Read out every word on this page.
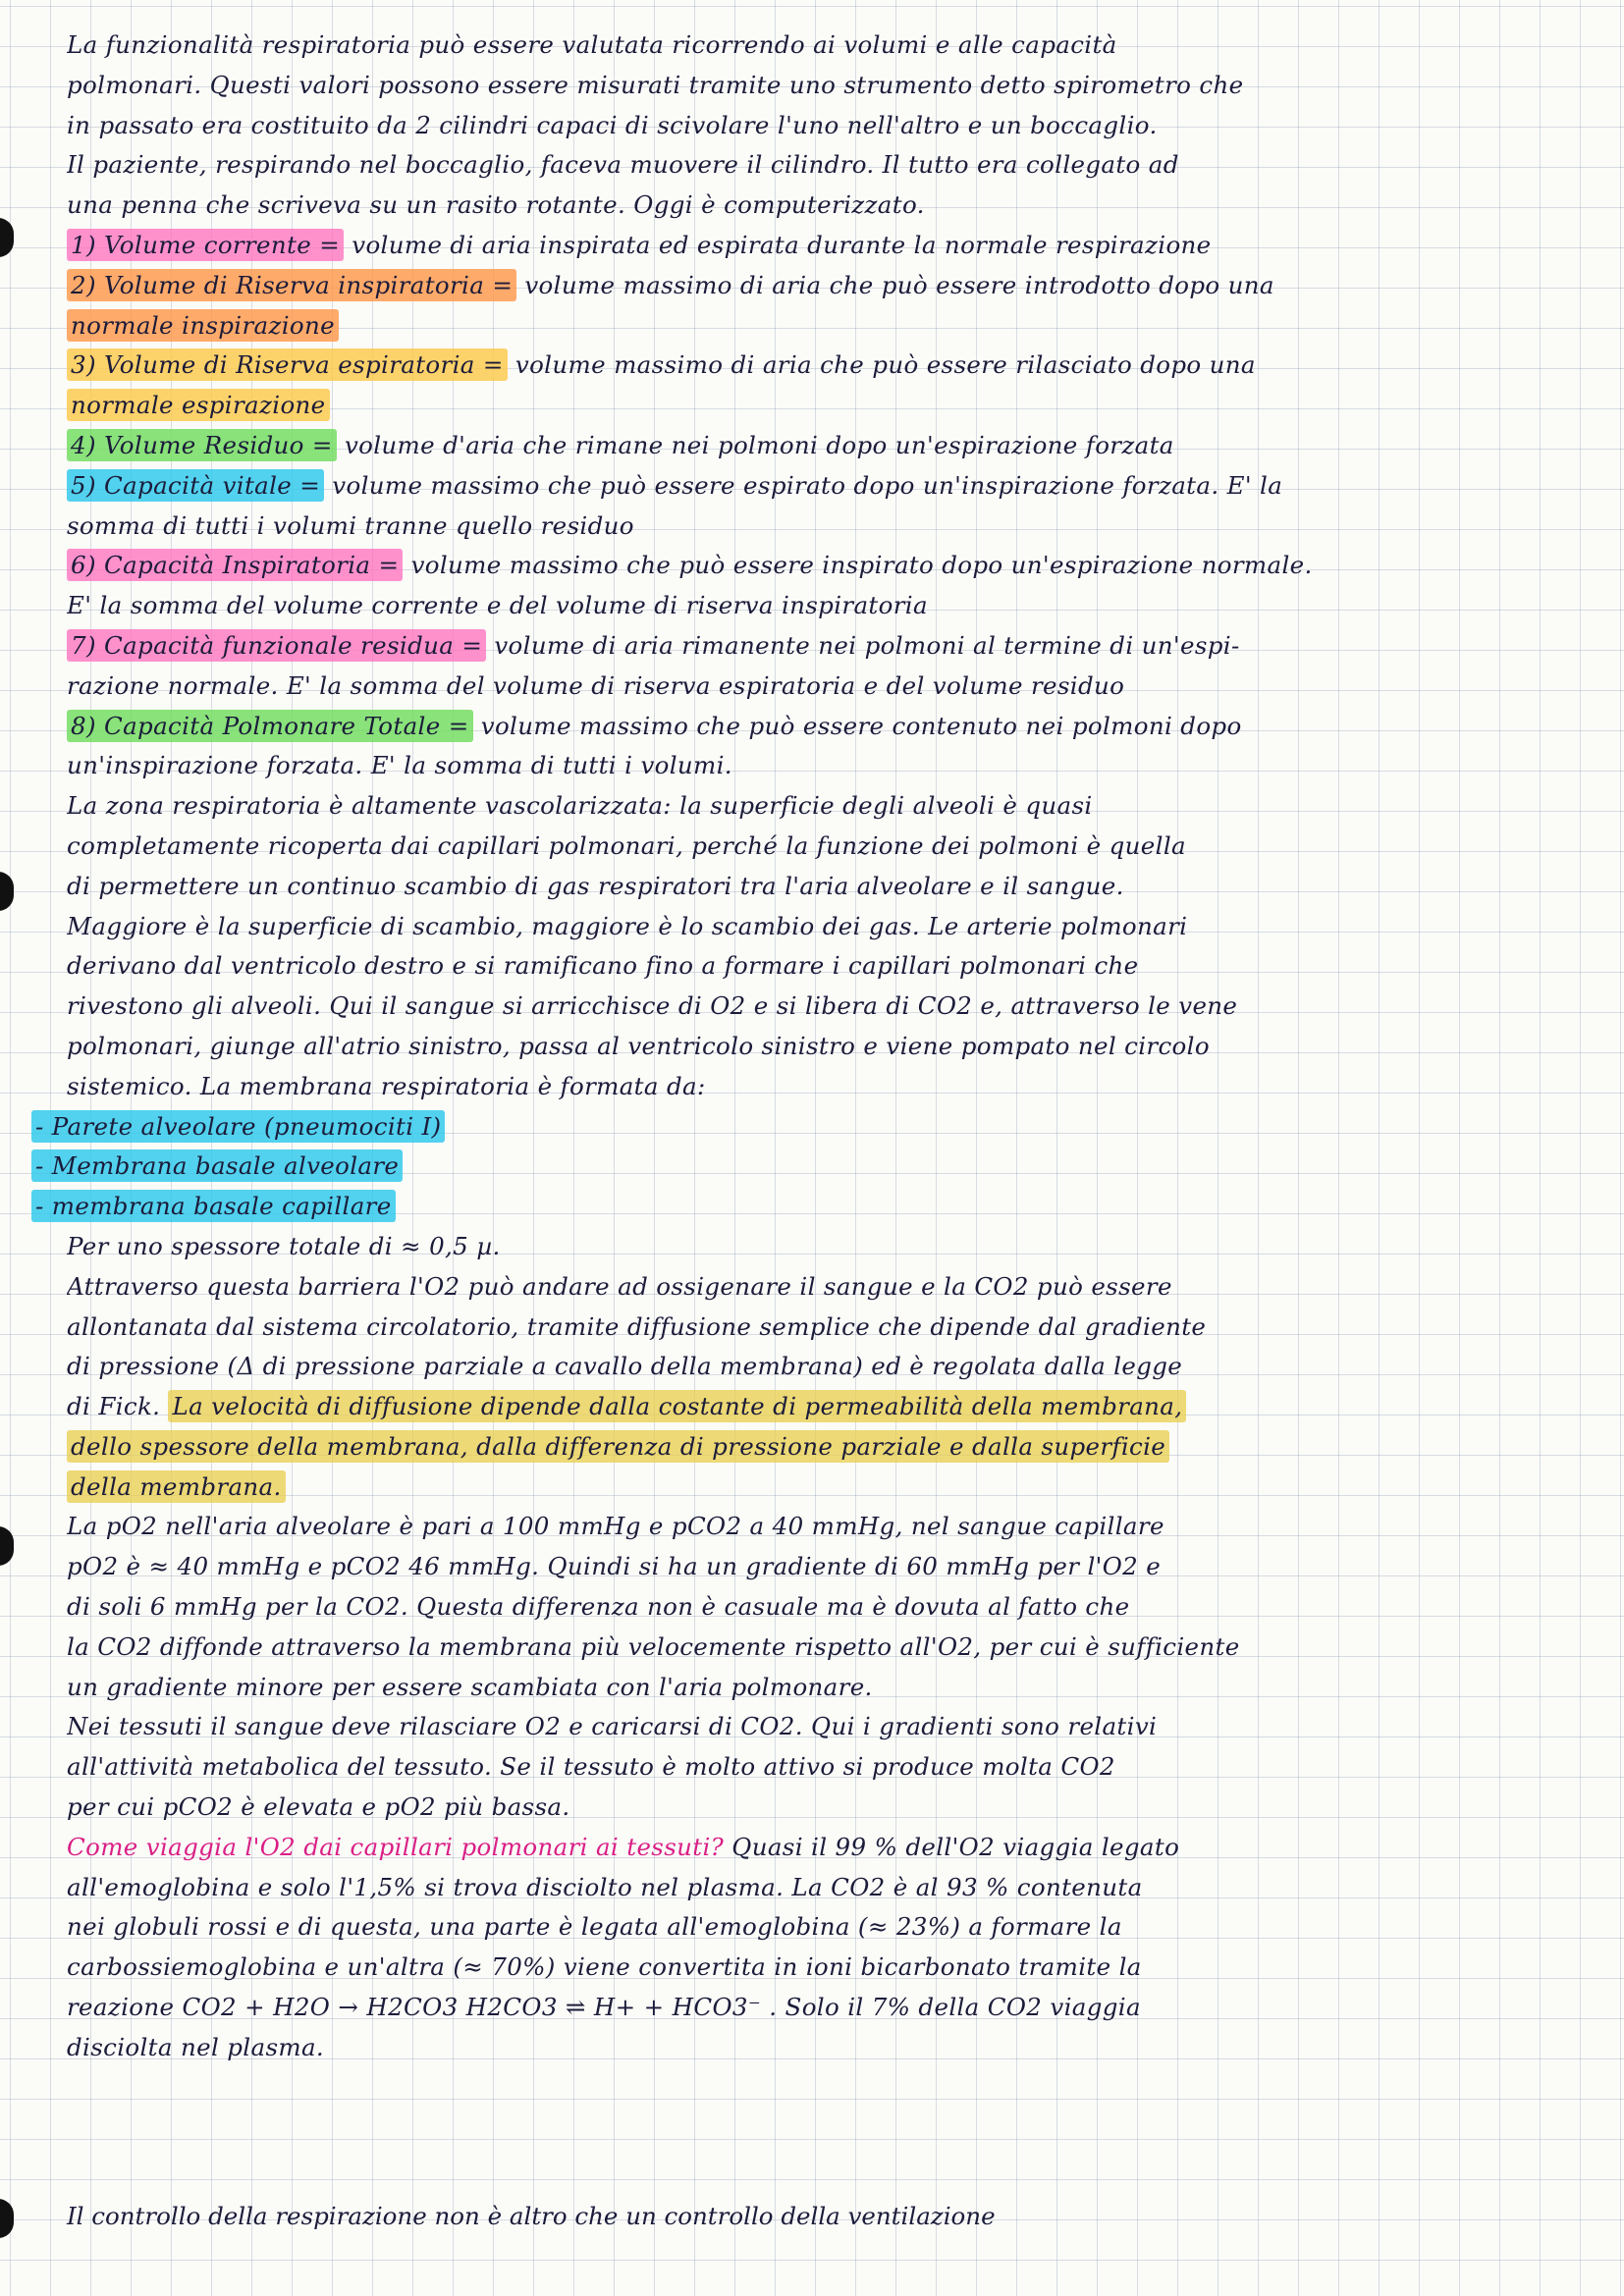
La funzionalità respiratoria può essere valutata ricorrendo ai volumi e alle capacità
polmonari. Questi valori possono essere misurati tramite uno strumento detto spirometro che
in passato era costituito da 2 cilindri capaci di scivolare l'uno nell'altro e un boccaglio.
Il paziente, respirando nel boccaglio, faceva muovere il cilindro. Il tutto era collegato ad
una penna che scriveva su un rasito rotante. Oggi è computerizzato.
1) Volume corrente = volume di aria inspirata ed espirata durante la normale respirazione
2) Volume di Riserva inspiratoria = volume massimo di aria che può essere introdotto dopo una
normale inspirazione
3) Volume di Riserva espiratoria = volume massimo di aria che può essere rilasciato dopo una
normale espirazione
4) Volume Residuo = volume d'aria che rimane nei polmoni dopo un'espirazione forzata
5) Capacità vitale = volume massimo che può essere espirato dopo un'inspirazione forzata. E' la
somma di tutti i volumi tranne quello residuo
6) Capacità Inspiratoria = volume massimo che può essere inspirato dopo un'espirazione normale.
E' la somma del volume corrente e del volume di riserva inspiratoria
7) Capacità funzionale residua = volume di aria rimanente nei polmoni al termine di un'espi-
razione normale. E' la somma del volume di riserva espiratoria e del volume residuo
8) Capacità Polmonare Totale = volume massimo che può essere contenuto nei polmoni dopo
un'inspirazione forzata. E' la somma di tutti i volumi.
La zona respiratoria è altamente vascolarizzata: la superficie degli alveoli è quasi
completamente ricoperta dai capillari polmonari, perché la funzione dei polmoni è quella
di permettere un continuo scambio di gas respiratori tra l'aria alveolare e il sangue.
Maggiore è la superficie di scambio, maggiore è lo scambio dei gas. Le arterie polmonari
derivano dal ventricolo destro e si ramificano fino a formare i capillari polmonari che
rivestono gli alveoli. Qui il sangue si arricchisce di O2 e si libera di CO2 e, attraverso le vene
polmonari, giunge all'atrio sinistro, passa al ventricolo sinistro e viene pompato nel circolo
sistemico. La membrana respiratoria è formata da:
- Parete alveolare (pneumociti I)
- Membrana basale alveolare
- membrana basale capillare
Per uno spessore totale di ≈ 0,5 µ.
Attraverso questa barriera l'O2 può andare ad ossigenare il sangue e la CO2 può essere
allontanata dal sistema circolatorio, tramite diffusione semplice che dipende dal gradiente
di pressione (Δ di pressione parziale a cavallo della membrana) ed è regolata dalla legge
di Fick. La velocità di diffusione dipende dalla costante di permeabilità della membrana,
dello spessore della membrana, dalla differenza di pressione parziale e dalla superficie
della membrana.
La pO2 nell'aria alveolare è pari a 100 mmHg e pCO2 a 40 mmHg, nel sangue capillare
pO2 è ≈ 40 mmHg e pCO2 46 mmHg. Quindi si ha un gradiente di 60 mmHg per l'O2 e
di soli 6 mmHg per la CO2. Questa differenza non è casuale ma è dovuta al fatto che
la CO2 diffonde attraverso la membrana più velocemente rispetto all'O2, per cui è sufficiente
un gradiente minore per essere scambiata con l'aria polmonare.
Nei tessuti il sangue deve rilasciare O2 e caricarsi di CO2. Qui i gradienti sono relativi
all'attività metabolica del tessuto. Se il tessuto è molto attivo si produce molta CO2
per cui pCO2 è elevata e pO2 più bassa.
Come viaggia l'O2 dai capillari polmonari ai tessuti? Quasi il 99 % dell'O2 viaggia legato
all'emoglobina e solo l'1,5% si trova disciolto nel plasma. La CO2 è al 93 % contenuta
nei globuli rossi e di questa, una parte è legata all'emoglobina (≈ 23%) a formare la
carbossiemoglobina e un'altra (≈ 70%) viene convertita in ioni bicarbonato tramite la
reazione CO2 + H2O → H2CO3 H2CO3 ⇌ H+ + HCO3⁻ . Solo il 7% della CO2 viaggia
disciolta nel plasma.
Il controllo della respirazione non è altro che un controllo della ventilazione
